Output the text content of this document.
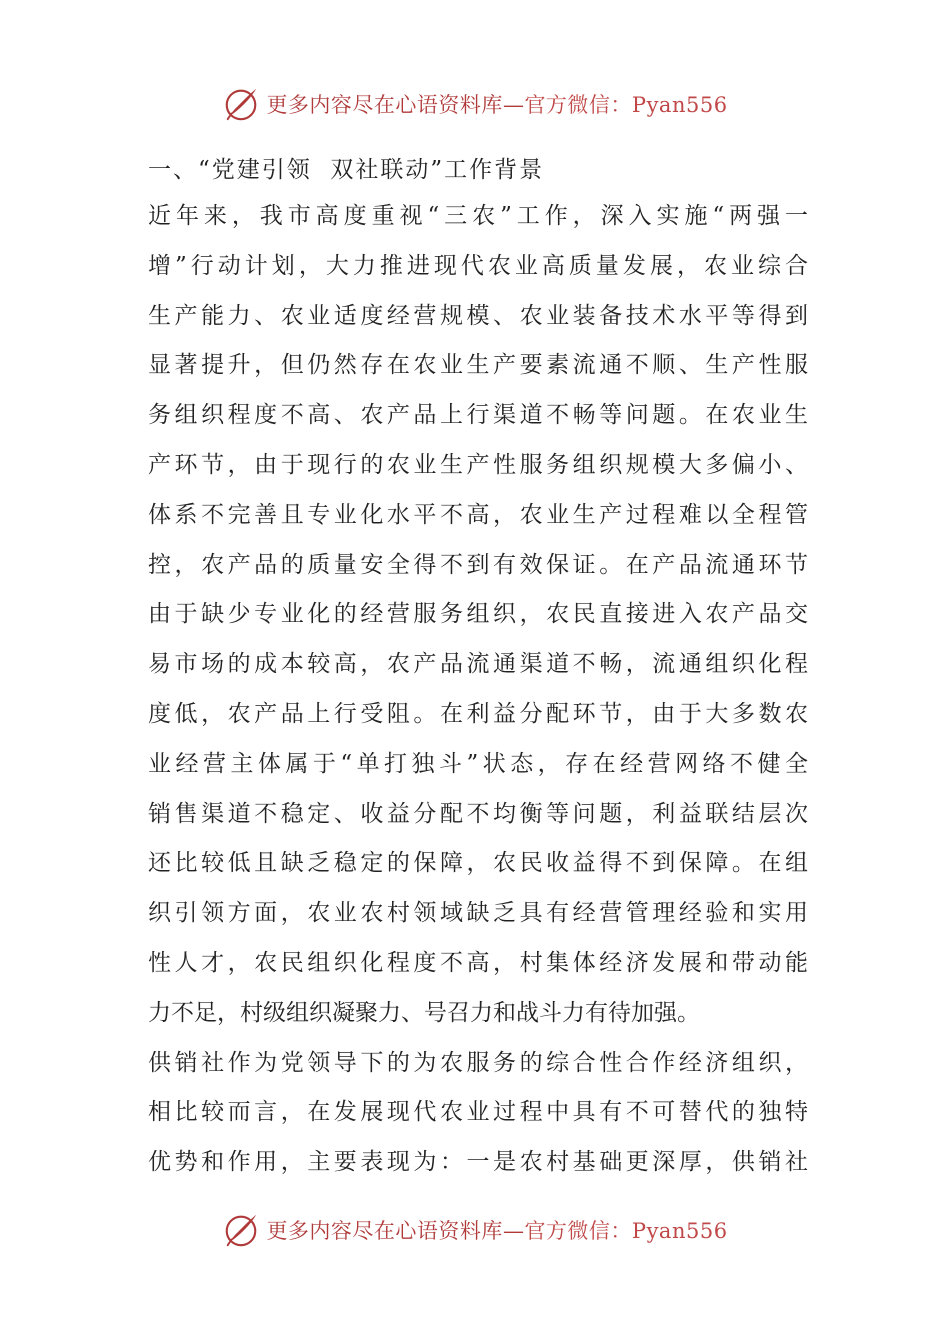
更多内容尽在心语资料库—官方微信：Pyan556

一、“党建引领  双社联动”工作背景

近年来，我市高度重视“三农”工作，深入实施“两强一
增”行动计划，大力推进现代农业高质量发展，农业综合
生产能力、农业适度经营规模、农业装备技术水平等得到
显著提升，但仍然存在农业生产要素流通不顺、生产性服
务组织程度不高、农产品上行渠道不畅等问题。在农业生
产环节，由于现行的农业生产性服务组织规模大多偏小、
体系不完善且专业化水平不高，农业生产过程难以全程管
控，农产品的质量安全得不到有效保证。在产品流通环节
由于缺少专业化的经营服务组织，农民直接进入农产品交
易市场的成本较高，农产品流通渠道不畅，流通组织化程
度低，农产品上行受阻。在利益分配环节，由于大多数农
业经营主体属于“单打独斗”状态，存在经营网络不健全
销售渠道不稳定、收益分配不均衡等问题，利益联结层次
还比较低且缺乏稳定的保障，农民收益得不到保障。在组
织引领方面，农业农村领域缺乏具有经营管理经验和实用
性人才，农民组织化程度不高，村集体经济发展和带动能
力不足，村级组织凝聚力、号召力和战斗力有待加强。
供销社作为党领导下的为农服务的综合性合作经济组织，
相比较而言，在发展现代农业过程中具有不可替代的独特
优势和作用，主要表现为：一是农村基础更深厚，供销社
更多内容尽在心语资料库—官方微信：Pyan556
